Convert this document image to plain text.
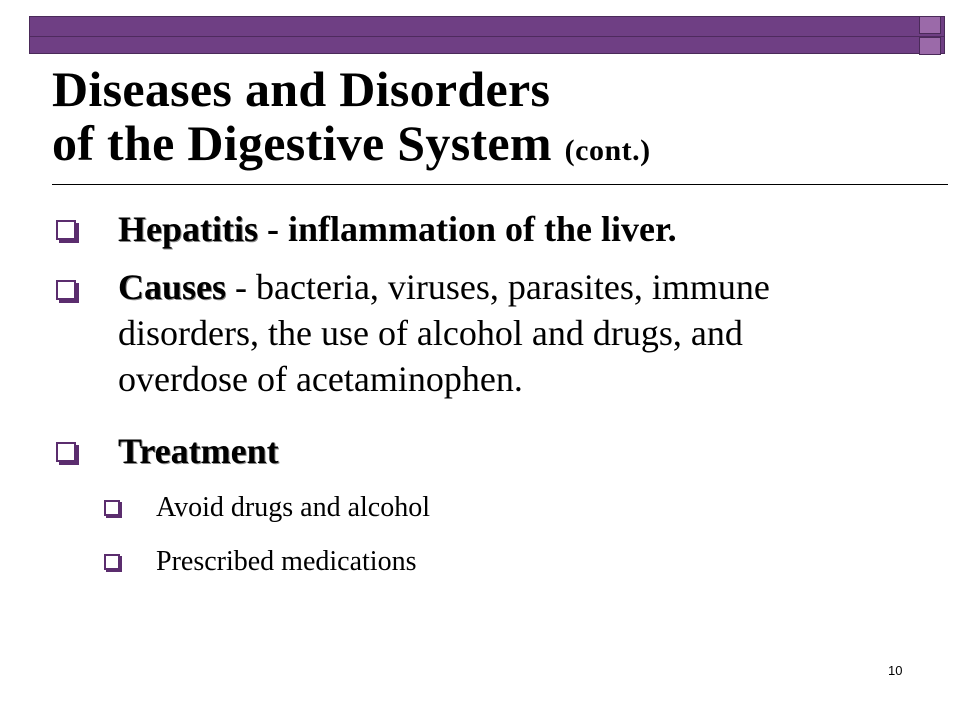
Diseases and Disorders
of the Digestive System (cont.)
Hepatitis - inflammation of the liver.
Causes - bacteria, viruses, parasites, immune
disorders, the use of alcohol and drugs, and
overdose of acetaminophen.
Treatment
Avoid drugs and alcohol
Prescribed medications
10
